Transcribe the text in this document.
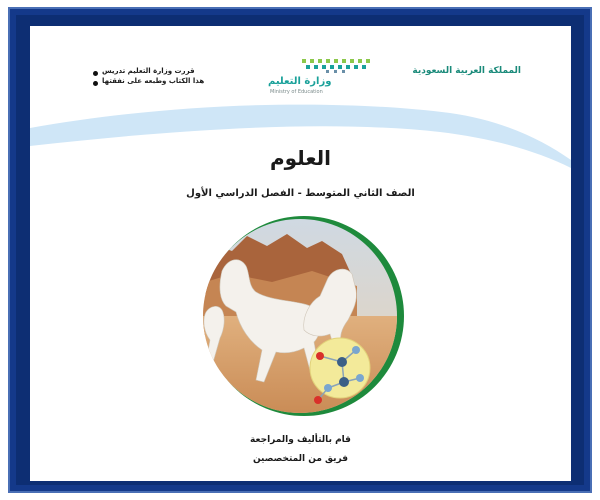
قررت وزارة التعليم تدريس
هذا الكتاب وطبعه على نفقتها	وزارة التعليم
Ministry of Education
المملكة العربية السعودية
العلوم
الصف الثاني المتوسط - الفصل الدراسي الأول
قام بالتأليف والمراجعة
فريق من المتخصصين
